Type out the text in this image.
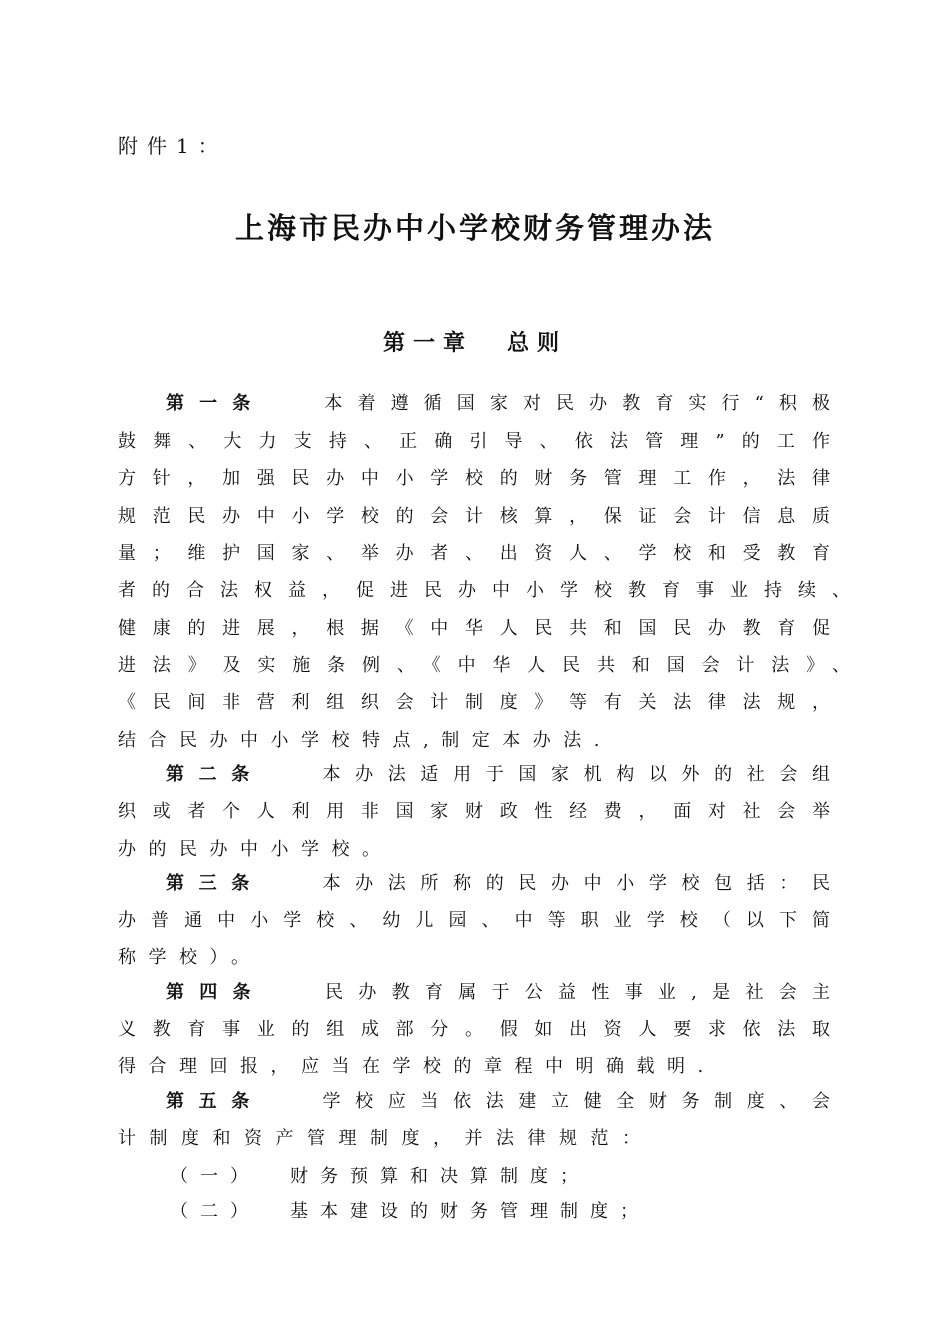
附件1：
上海市民办中小学校财务管理办法
第一章 总则
第一条 本着遵循国家对民办教育实行“积极
鼓舞、大力支持、正确引导、依法管理”的工作
方针，加强民办中小学校的财务管理工作，法律
规范民办中小学校的会计核算，保证会计信息质
量；维护国家、举办者、出资人、学校和受教育
者的合法权益，促进民办中小学校教育事业持续、
健康的进展，根据《中华人民共和国民办教育促
进法》及实施条例、《中华人民共和国会计法》、
《民间非营利组织会计制度》等有关法律法规，
结合民办中小学校特点,制定本办法.
第二条 本办法适用于国家机构以外的社会组
织或者个人利用非国家财政性经费，面对社会举
办的民办中小学校。
第三条 本办法所称的民办中小学校包括：民
办普通中小学校、幼儿园、中等职业学校（以下简
称学校）。
第四条 民办教育属于公益性事业,是社会主
义教育事业的组成部分。假如出资人要求依法取
得合理回报，应当在学校的章程中明确载明.
第五条 学校应当依法建立健全财务制度、会
计制度和资产管理制度，并法律规范：
（一） 财务预算和决算制度；
（二） 基本建设的财务管理制度；
